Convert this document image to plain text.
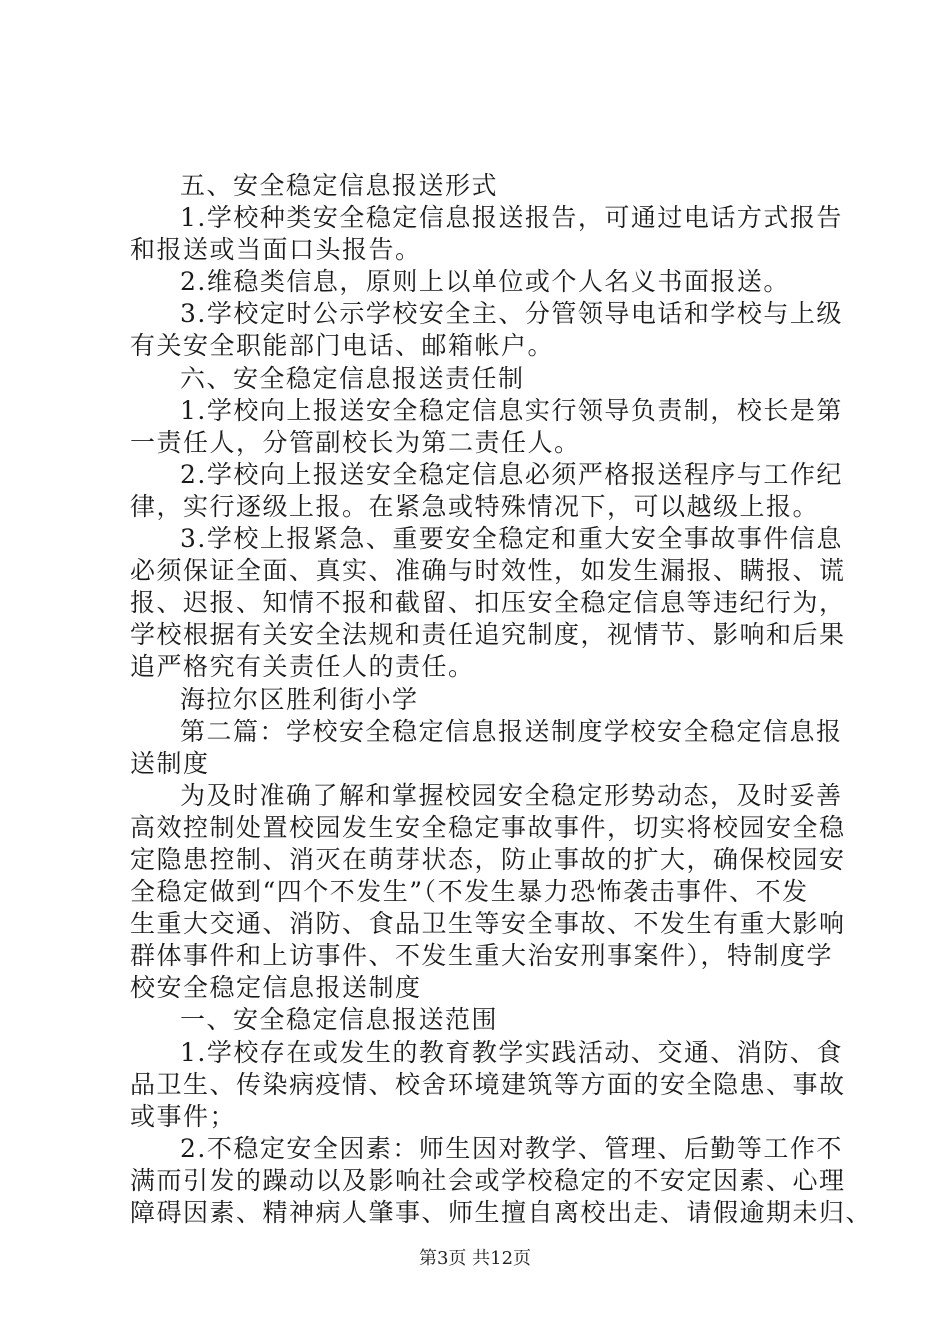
五、安全稳定信息报送形式
1.学校种类安全稳定信息报送报告，可通过电话方式报告
和报送或当面口头报告。
2.维稳类信息，原则上以单位或个人名义书面报送。
3.学校定时公示学校安全主、分管领导电话和学校与上级
有关安全职能部门电话、邮箱帐户。
六、安全稳定信息报送责任制
1.学校向上报送安全稳定信息实行领导负责制，校长是第
一责任人，分管副校长为第二责任人。
2.学校向上报送安全稳定信息必须严格报送程序与工作纪
律，实行逐级上报。在紧急或特殊情况下，可以越级上报。
3.学校上报紧急、重要安全稳定和重大安全事故事件信息
必须保证全面、真实、准确与时效性，如发生漏报、瞒报、谎
报、迟报、知情不报和截留、扣压安全稳定信息等违纪行为，
学校根据有关安全法规和责任追究制度，视情节、影响和后果
追严格究有关责任人的责任。
海拉尔区胜利街小学
第二篇：学校安全稳定信息报送制度学校安全稳定信息报
送制度
为及时准确了解和掌握校园安全稳定形势动态，及时妥善
高效控制处置校园发生安全稳定事故事件，切实将校园安全稳
定隐患控制、消灭在萌芽状态，防止事故的扩大，确保校园安
全稳定做到“四个不发生”（不发生暴力恐怖袭击事件、不发
生重大交通、消防、食品卫生等安全事故、不发生有重大影响
群体事件和上访事件、不发生重大治安刑事案件），特制度学
校安全稳定信息报送制度
一、安全稳定信息报送范围
1.学校存在或发生的教育教学实践活动、交通、消防、食
品卫生、传染病疫情、校舍环境建筑等方面的安全隐患、事故
或事件；
2.不稳定安全因素：师生因对教学、管理、后勤等工作不
满而引发的躁动以及影响社会或学校稳定的不安定因素、心理
障碍因素、精神病人肇事、师生擅自离校出走、请假逾期未归、
第3页 共12页
